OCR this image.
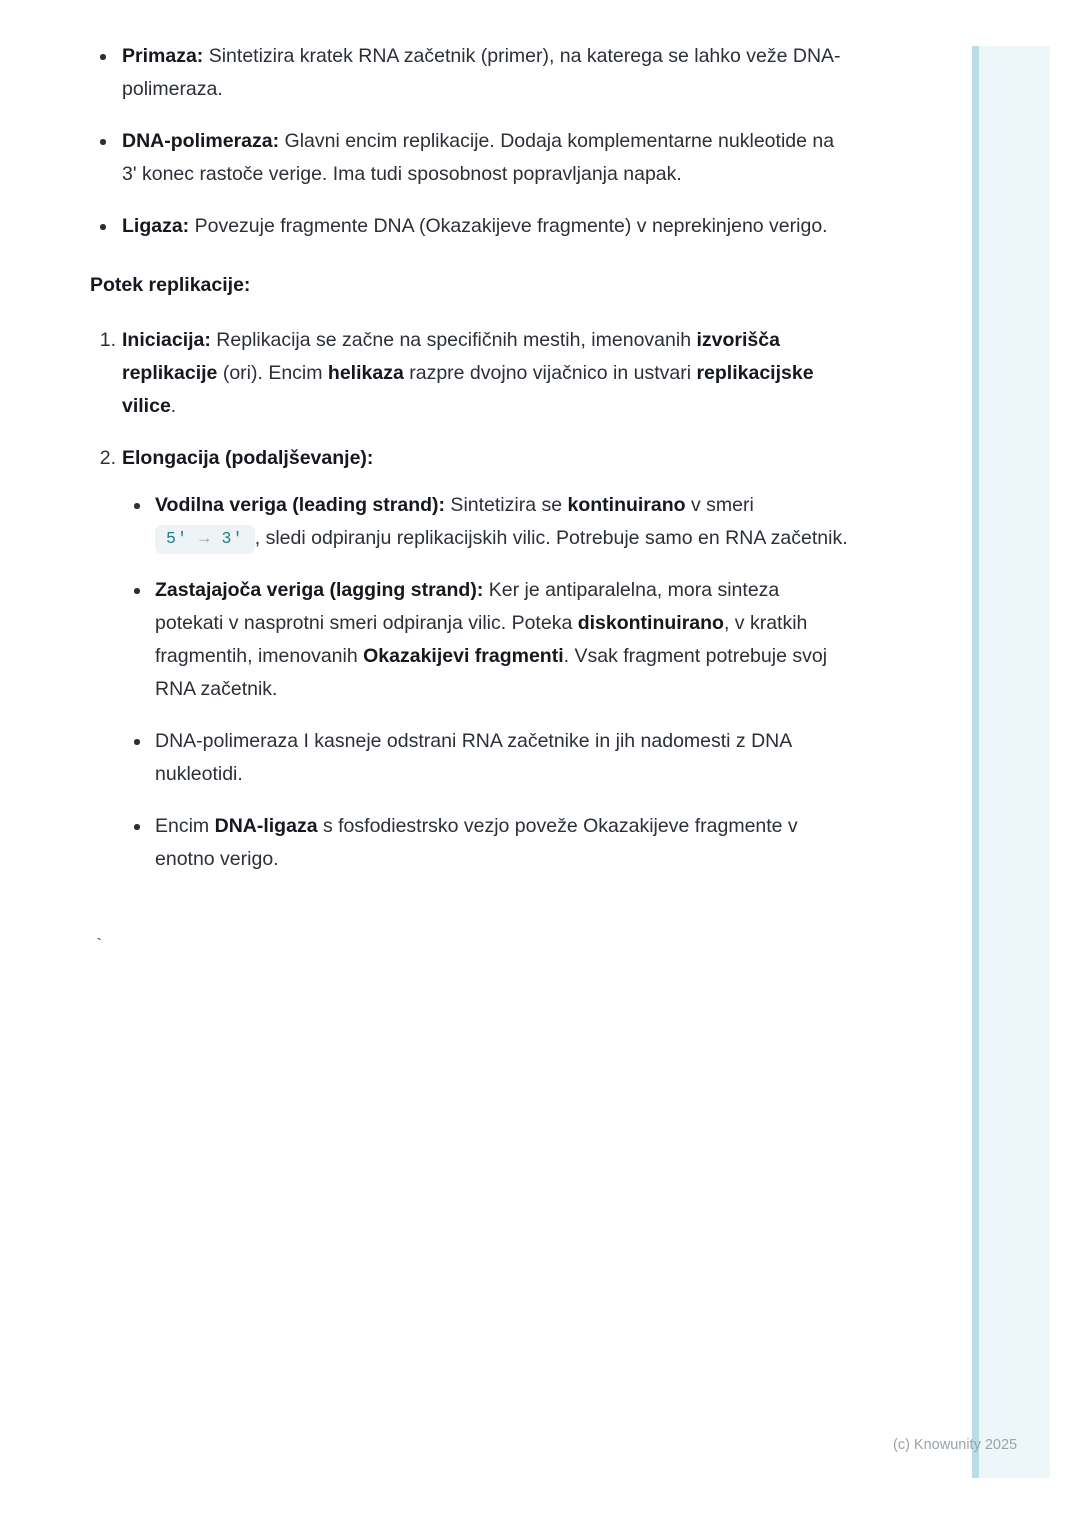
Primaza: Sintetizira kratek RNA začetnik (primer), na katerega se lahko veže DNA-polimeraza.
DNA-polimeraza: Glavni encim replikacije. Dodaja komplementarne nukleotide na 3' konec rastoče verige. Ima tudi sposobnost popravljanja napak.
Ligaza: Povezuje fragmente DNA (Okazakijeve fragmente) v neprekinjeno verigo.
Potek replikacije:
1. Iniciacija: Replikacija se začne na specifičnih mestih, imenovanih izvorišča replikacije (ori). Encim helikaza razpre dvojno vijačnico in ustvari replikacijske vilice.
2. Elongacija (podaljševanje):
Vodilna veriga (leading strand): Sintetizira se kontinuirano v smeri 5' → 3' , sledi odpiranju replikacijskih vilic. Potrebuje samo en RNA začetnik.
Zastajajoča veriga (lagging strand): Ker je antiparalelna, mora sinteza potekati v nasprotni smeri odpiranja vilic. Poteka diskontinuirano, v kratkih fragmentih, imenovanih Okazakijevi fragmenti. Vsak fragment potrebuje svoj RNA začetnik.
DNA-polimeraza I kasneje odstrani RNA začetnike in jih nadomesti z DNA nukleotidi.
Encim DNA-ligaza s fosfodiestrsko vezjo poveže Okazakijeve fragmente v enotno verigo.
`
(c) Knowunity 2025
